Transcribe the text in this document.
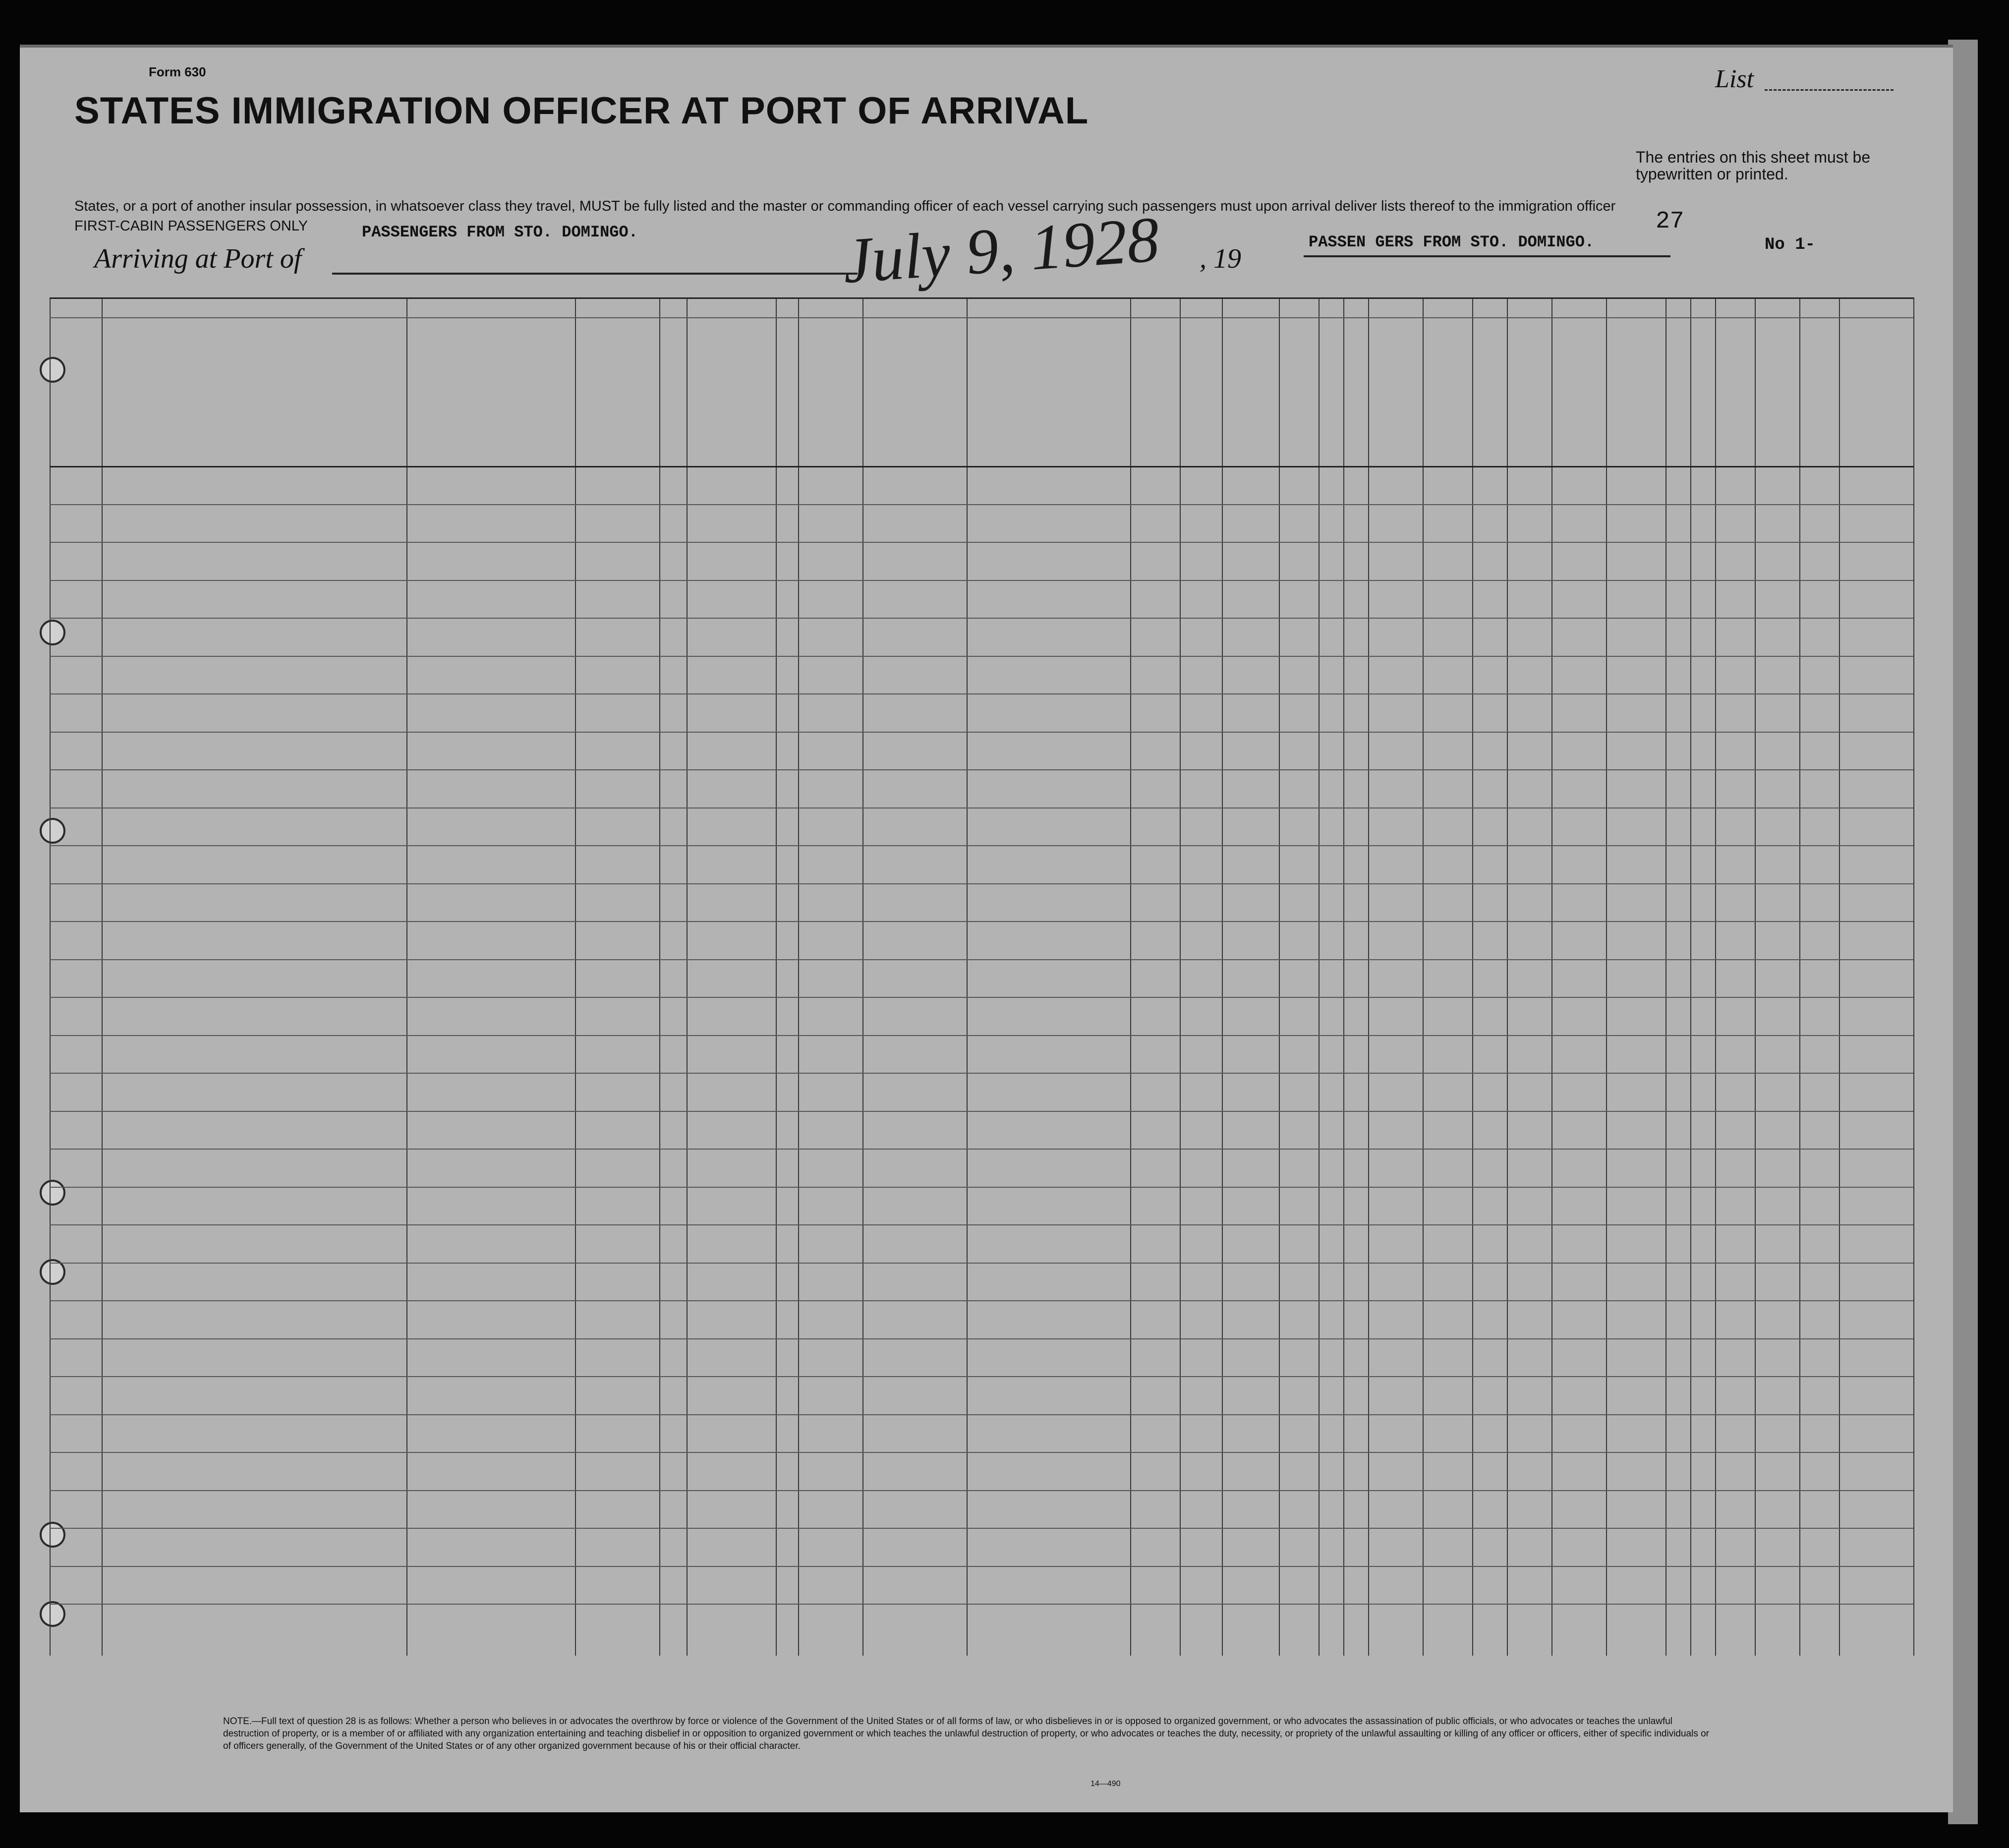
Form 630
STATES IMMIGRATION OFFICER AT PORT OF ARRIVAL
List
The entries on this sheet must be typewritten or printed.
States, or a port of another insular possession, in whatsoever class they travel, MUST be fully listed and the master or commanding officer of each vessel carrying such passengers must upon arrival deliver lists thereof to the immigration officer
FIRST-CABIN PASSENGERS ONLY	27
Arriving at Port of
PASSENGERS FROM STO. DOMINGO.	July 9, 1928 , 19
PASSEN GERS FROM STO. DOMINGO.	No 1-
NOTE.—Full text of question 28 is as follows: Whether a person who believes in or advocates the overthrow by force or violence of the Government of the United States or of all forms of law, or who disbelieves in or is opposed to organized government, or who advocates the assassination of public officials, or who advocates or teaches the unlawful destruction of property, or is a member of or affiliated with any organization entertaining and teaching disbelief in or opposition to organized government or which teaches the unlawful destruction of property, or who advocates or teaches the duty, necessity, or propriety of the unlawful assaulting or killing of any officer or officers, either of specific individuals or of officers generally, of the Government of the United States or of any other organized government because of his or their official character.
14—490
